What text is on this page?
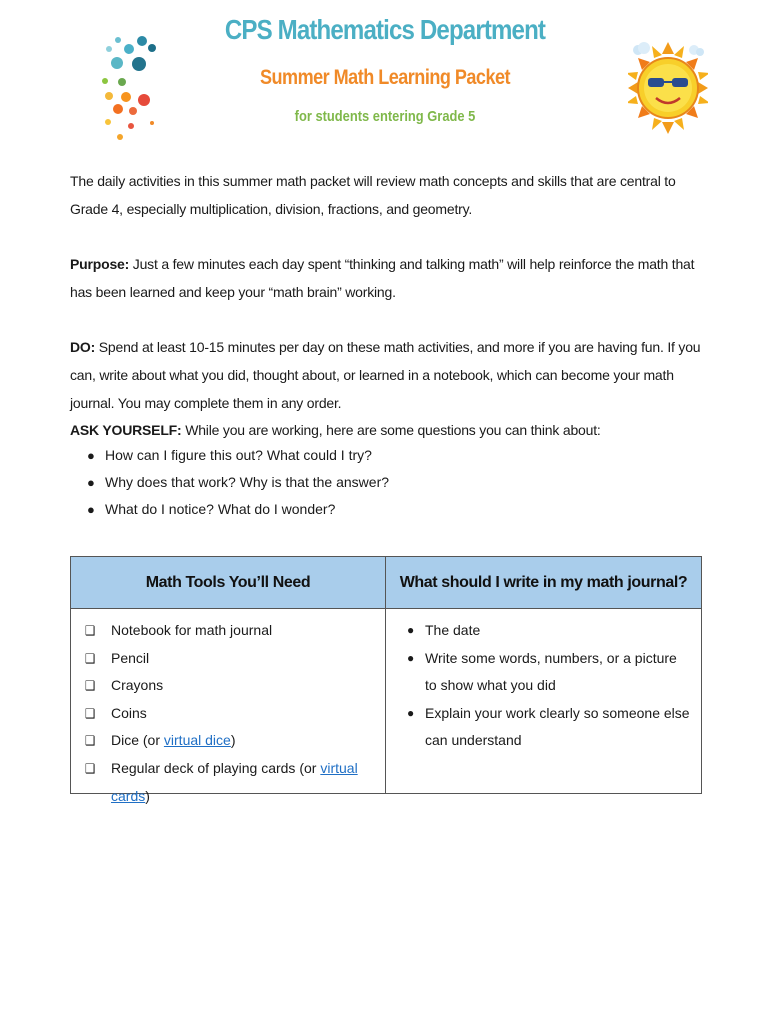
CPS Mathematics Department
Summer Math Learning Packet
for students entering Grade 5
The daily activities in this summer math packet will review math concepts and skills that are central to Grade 4, especially multiplication, division, fractions, and geometry.
Purpose: Just a few minutes each day spent “thinking and talking math” will help reinforce the math that has been learned and keep your “math brain” working.
DO: Spend at least 10-15 minutes per day on these math activities, and more if you are having fun. If you can, write about what you did, thought about, or learned in a notebook, which can become your math journal. You may complete them in any order.
ASK YOURSELF: While you are working, here are some questions you can think about:
● How can I figure this out? What could I try?
● Why does that work? Why is that the answer?
● What do I notice? What do I wonder?
Math Tools You’ll Need	What should I write in my math journal?
❑ Notebook for math journal
❑ Pencil
❑ Crayons
❑ Coins
❑ Dice (or virtual dice)
❑ Regular deck of playing cards (or virtual cards)
● The date
● Write some words, numbers, or a picture to show what you did
● Explain your work clearly so someone else can understand
